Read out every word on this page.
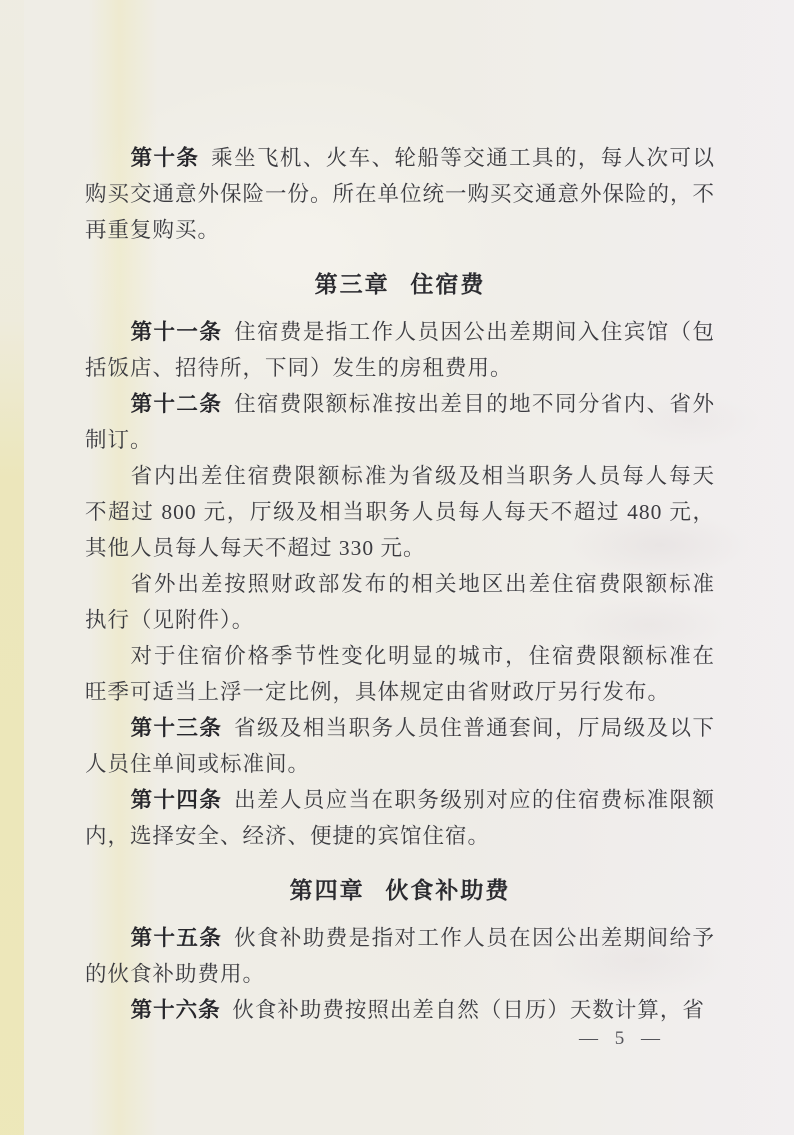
第十条 乘坐飞机、火车、轮船等交通工具的，每人次可以购买交通意外保险一份。所在单位统一购买交通意外保险的，不再重复购买。

第三章 住宿费

第十一条 住宿费是指工作人员因公出差期间入住宾馆（包括饭店、招待所，下同）发生的房租费用。

第十二条 住宿费限额标准按出差目的地不同分省内、省外制订。

省内出差住宿费限额标准为省级及相当职务人员每人每天不超过 800 元，厅级及相当职务人员每人每天不超过 480 元，其他人员每人每天不超过 330 元。

省外出差按照财政部发布的相关地区出差住宿费限额标准执行（见附件）。

对于住宿价格季节性变化明显的城市，住宿费限额标准在旺季可适当上浮一定比例，具体规定由省财政厅另行发布。

第十三条 省级及相当职务人员住普通套间，厅局级及以下人员住单间或标准间。

第十四条 出差人员应当在职务级别对应的住宿费标准限额内，选择安全、经济、便捷的宾馆住宿。

第四章 伙食补助费

第十五条 伙食补助费是指对工作人员在因公出差期间给予的伙食补助费用。

第十六条 伙食补助费按照出差自然（日历）天数计算，省

— 5 —
